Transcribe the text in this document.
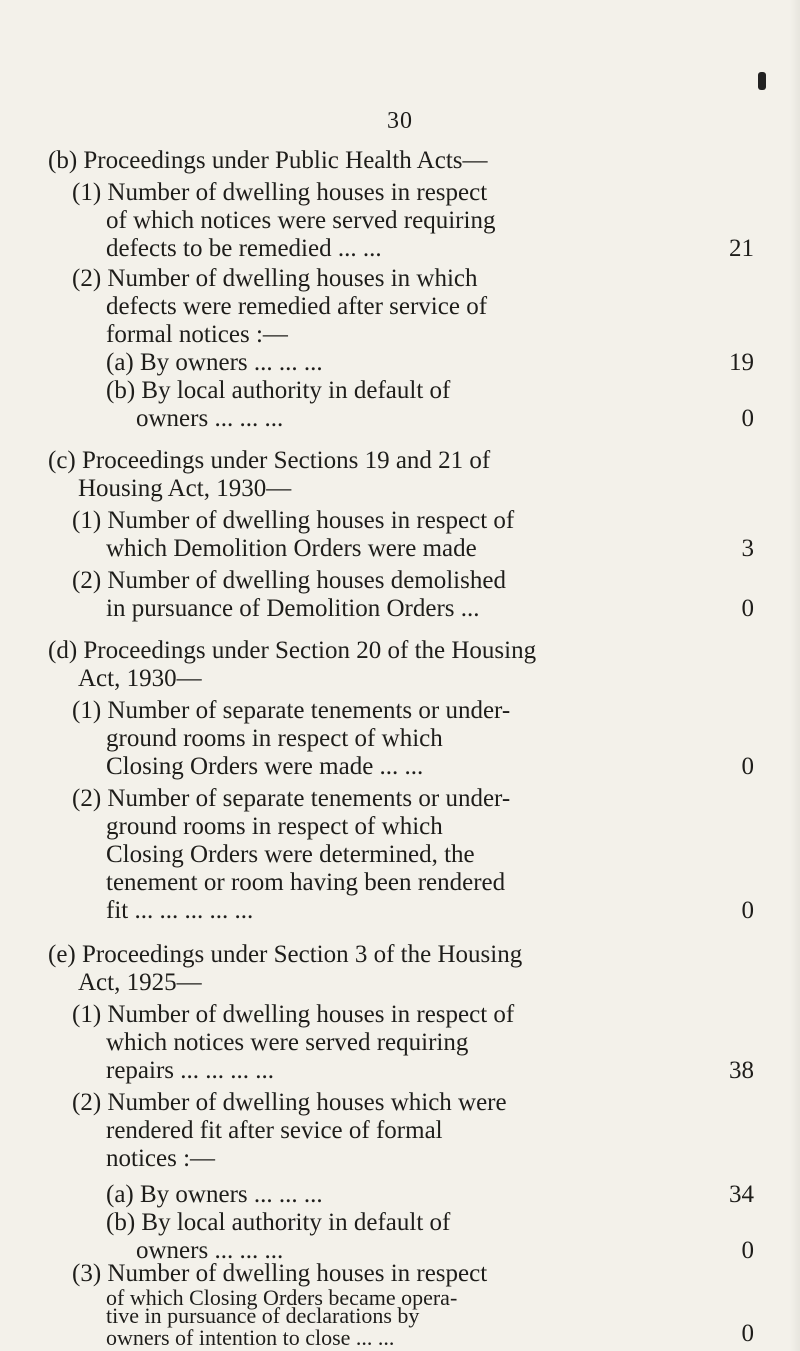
30
(b) Proceedings under Public Health Acts—
(1) Number of dwelling houses in respect
of which notices were served requiring
defects to be remedied ... ...	21
(2) Number of dwelling houses in which
defects were remedied after service of
formal notices :—
(a) By owners ... ... ...	19
(b) By local authority in default of
owners ... ... ...	0
(c) Proceedings under Sections 19 and 21 of
Housing Act, 1930—
(1) Number of dwelling houses in respect of
which Demolition Orders were made	3
(2) Number of dwelling houses demolished
in pursuance of Demolition Orders ...	0
(d) Proceedings under Section 20 of the Housing
Act, 1930—
(1) Number of separate tenements or under-
ground rooms in respect of which
Closing Orders were made ... ...	0
(2) Number of separate tenements or under-
ground rooms in respect of which
Closing Orders were determined, the
tenement or room having been rendered
fit ... ... ... ... ...	0
(e) Proceedings under Section 3 of the Housing
Act, 1925—
(1) Number of dwelling houses in respect of
which notices were served requiring
repairs ... ... ... ...	38
(2) Number of dwelling houses which were
rendered fit after sevice of formal
notices :—
(a) By owners ... ... ...	34
(b) By local authority in default of
owners ... ... ...	0
(3) Number of dwelling houses in respect
of which Closing Orders became opera-
tive in pursuance of declarations by
owners of intention to close ... ...	0
